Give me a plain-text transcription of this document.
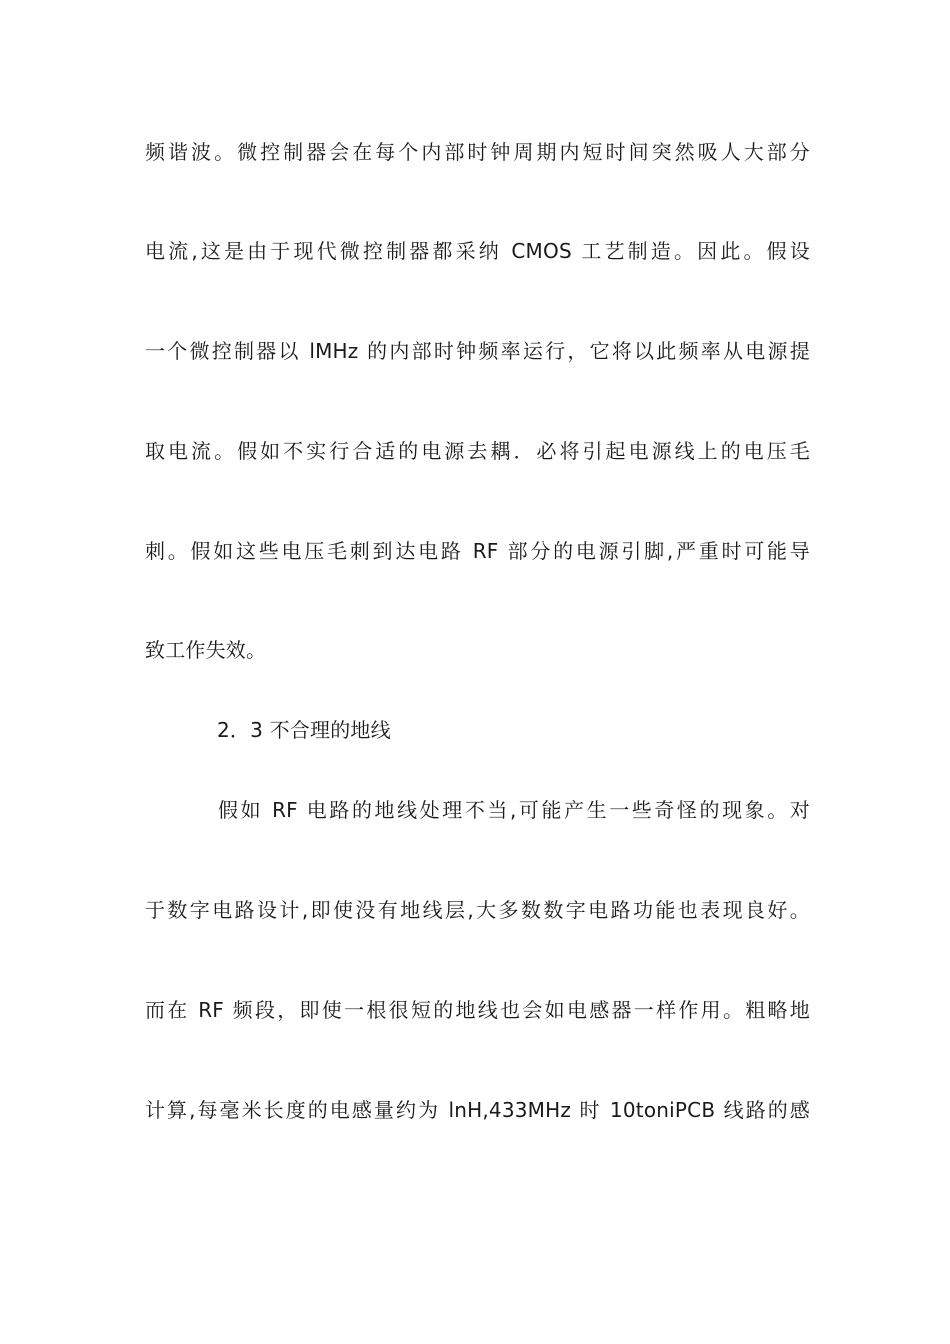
频谐波。微控制器会在每个内部时钟周期内短时间突然吸人大部分
电流,这是由于现代微控制器都采纳 CMOS 工艺制造。因此。假设
一个微控制器以 lMHz 的内部时钟频率运行，它将以此频率从电源提
取电流。假如不实行合适的电源去耦．必将引起电源线上的电压毛
刺。假如这些电压毛刺到达电路 RF 部分的电源引脚,严重时可能导
致工作失效。
2．3 不合理的地线
假如 RF 电路的地线处理不当,可能产生一些奇怪的现象。对
于数字电路设计,即使没有地线层,大多数数字电路功能也表现良好。
而在 RF 频段，即使一根很短的地线也会如电感器一样作用。粗略地
计算,每毫米长度的电感量约为 lnH,433MHz 时 10toniPCB 线路的感
